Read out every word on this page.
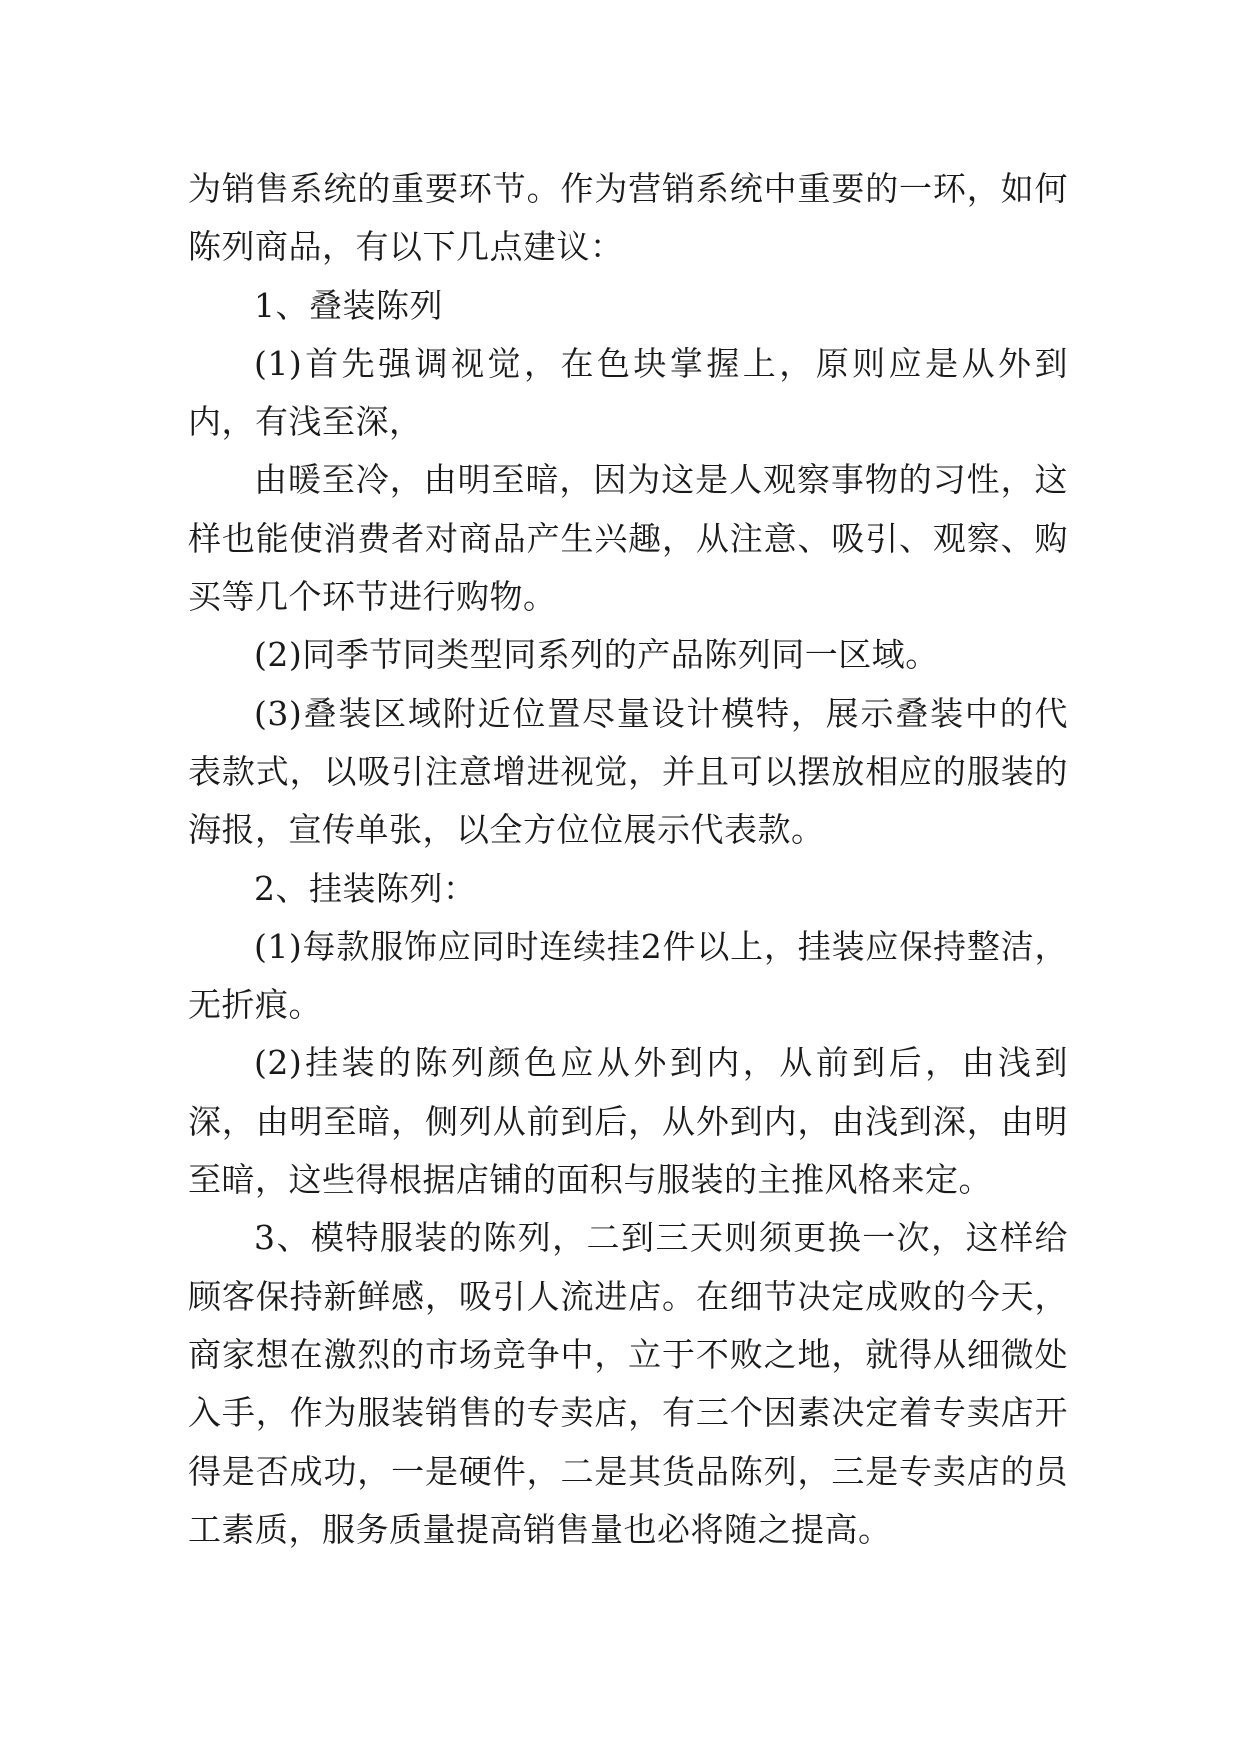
为销售系统的重要环节。作为营销系统中重要的一环，如何陈列商品，有以下几点建议：

1、叠装陈列

(1)首先强调视觉，在色块掌握上，原则应是从外到内，有浅至深，

由暖至冷，由明至暗，因为这是人观察事物的习性，这样也能使消费者对商品产生兴趣，从注意、吸引、观察、购买等几个环节进行购物。

(2)同季节同类型同系列的产品陈列同一区域。

(3)叠装区域附近位置尽量设计模特，展示叠装中的代表款式，以吸引注意增进视觉，并且可以摆放相应的服装的海报，宣传单张，以全方位位展示代表款。

2、挂装陈列：

(1)每款服饰应同时连续挂2件以上，挂装应保持整洁，无折痕。

(2)挂装的陈列颜色应从外到内，从前到后，由浅到深，由明至暗，侧列从前到后，从外到内，由浅到深，由明至暗，这些得根据店铺的面积与服装的主推风格来定。

3、模特服装的陈列，二到三天则须更换一次，这样给顾客保持新鲜感，吸引人流进店。在细节决定成败的今天，商家想在激烈的市场竞争中，立于不败之地，就得从细微处入手，作为服装销售的专卖店，有三个因素决定着专卖店开得是否成功，一是硬件，二是其货品陈列，三是专卖店的员工素质，服务质量提高销售量也必将随之提高。
